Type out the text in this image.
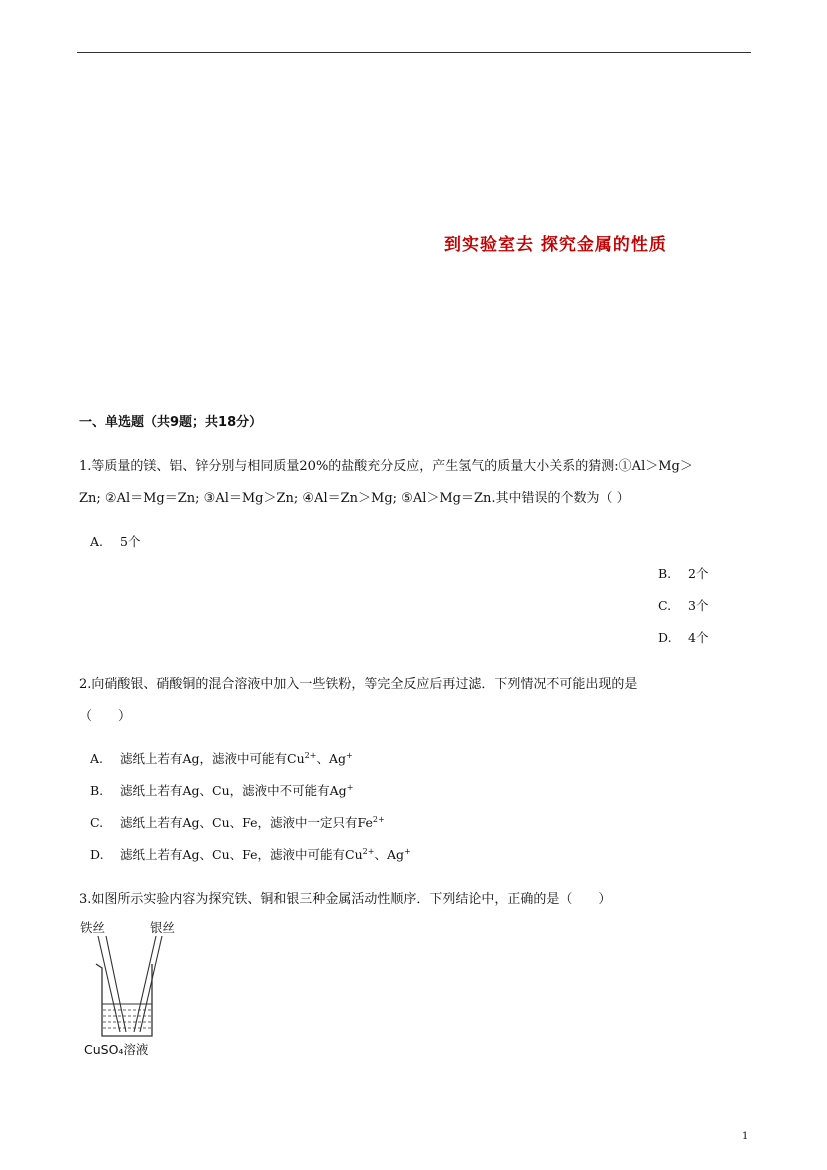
到实验室去 探究金属的性质
一、单选题（共9题；共18分）
1.等质量的镁、铝、锌分别与相同质量20%的盐酸充分反应，产生氢气的质量大小关系的猜测:①Al＞Mg＞
Zn; ②Al＝Mg＝Zn; ③Al＝Mg＞Zn; ④Al＝Zn＞Mg; ⑤Al＞Mg＝Zn.其中错误的个数为（ ）
A. 5个
B. 2个
C. 3个
D. 4个
2.向硝酸银、硝酸铜的混合溶液中加入一些铁粉，等完全反应后再过滤．下列情况不可能出现的是
（　　）
A. 滤纸上若有Ag，滤液中可能有$Cu^{2+}$、Ag+
B. 滤纸上若有Ag、Cu，滤液中不可能有Ag+
C. 滤纸上若有Ag、Cu、Fe，滤液中一定只有$Fe^{2+}$
D. 滤纸上若有Ag、Cu、Fe，滤液中可能有$Cu^{2+}$、Ag+
3.如图所示实验内容为探究铁、铜和银三种金属活动性顺序．下列结论中，正确的是（　　）
铁丝	银丝
CuSO₄溶液
1
